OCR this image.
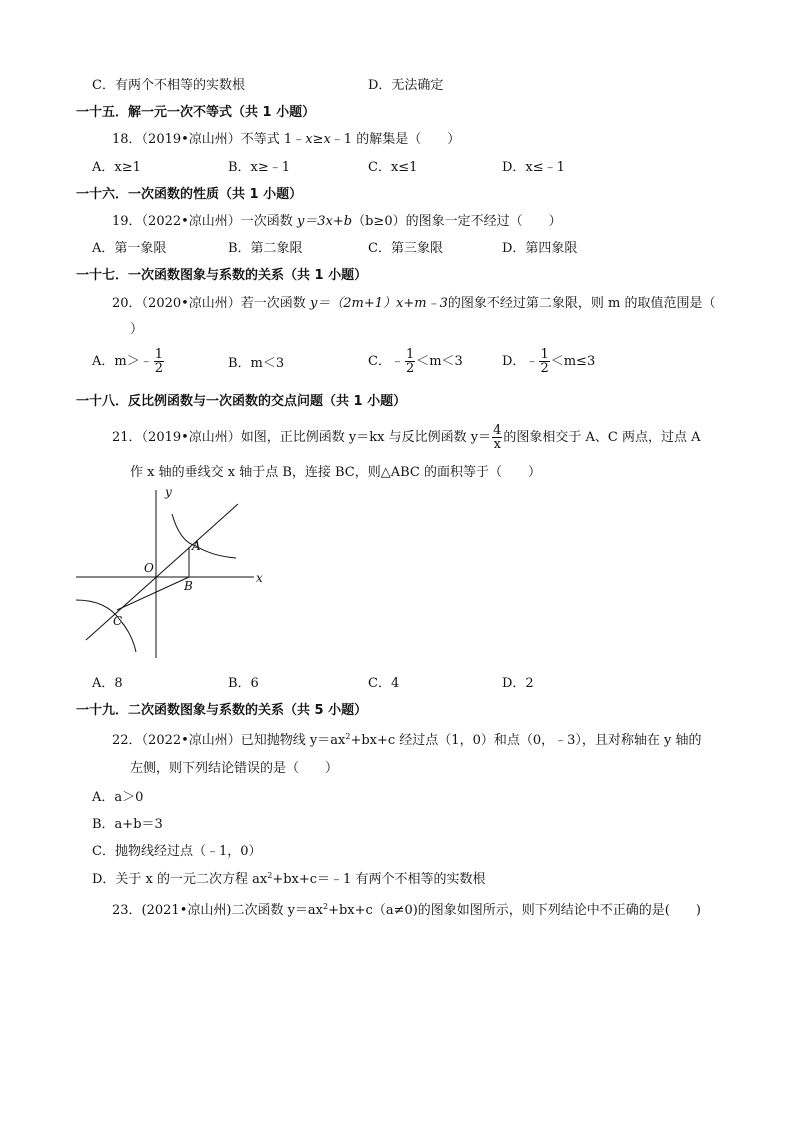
C．有两个不相等的实数根	D．无法确定
一十五．解一元一次不等式（共 1 小题）
18．（2019•凉山州）不等式 1﹣x≥x﹣1 的解集是（　　）
A．x≥1	B．x≥﹣1	C．x≤1	D．x≤﹣1
一十六．一次函数的性质（共 1 小题）
19．（2022•凉山州）一次函数 y＝3x+b（b≥0）的图象一定不经过（　　）
A．第一象限	B．第二象限	C．第三象限	D．第四象限
一十七．一次函数图象与系数的关系（共 1 小题）
20．（2020•凉山州）若一次函数 y＝（2m+1）x+m﹣3的图象不经过第二象限，则 m 的取值范围是（
）
A．m＞﹣ $\frac{1}{2}$	B．m＜3	C．﹣ $\frac{1}{2} <m<3$	D．﹣ $\frac{1}{2} <m\le 3$
一十八．反比例函数与一次函数的交点问题（共 1 小题）
21．（2019•凉山州）如图，正比例函数 y＝kx 与反比例函数 $y= \frac{4}{x}$ 的图象相交于 A、C 两点，过点 A
作 x 轴的垂线交 x 轴于点 B，连接 BC，则△ABC 的面积等于（　　）
y
x
O
A
B
C
A．8	B．6	C．4	D．2
一十九．二次函数图象与系数的关系（共 5 小题）
22．（2022•凉山州）已知抛物线 $y=ax^2+bx+c$ 经过点（1，0）和点（0，﹣3），且对称轴在 y 轴的
左侧，则下列结论错误的是（　　）
A．a＞0
B．a+b＝3
C．抛物线经过点（﹣1，0）
D．关于 x 的一元二次方程 $ax^2+bx+c=﹣1$ 有两个不相等的实数根
23．(2021•凉山州)二次函数 $y=ax^2+bx+c(a\ne 0)$的图象如图所示，则下列结论中不正确的是(　　)
